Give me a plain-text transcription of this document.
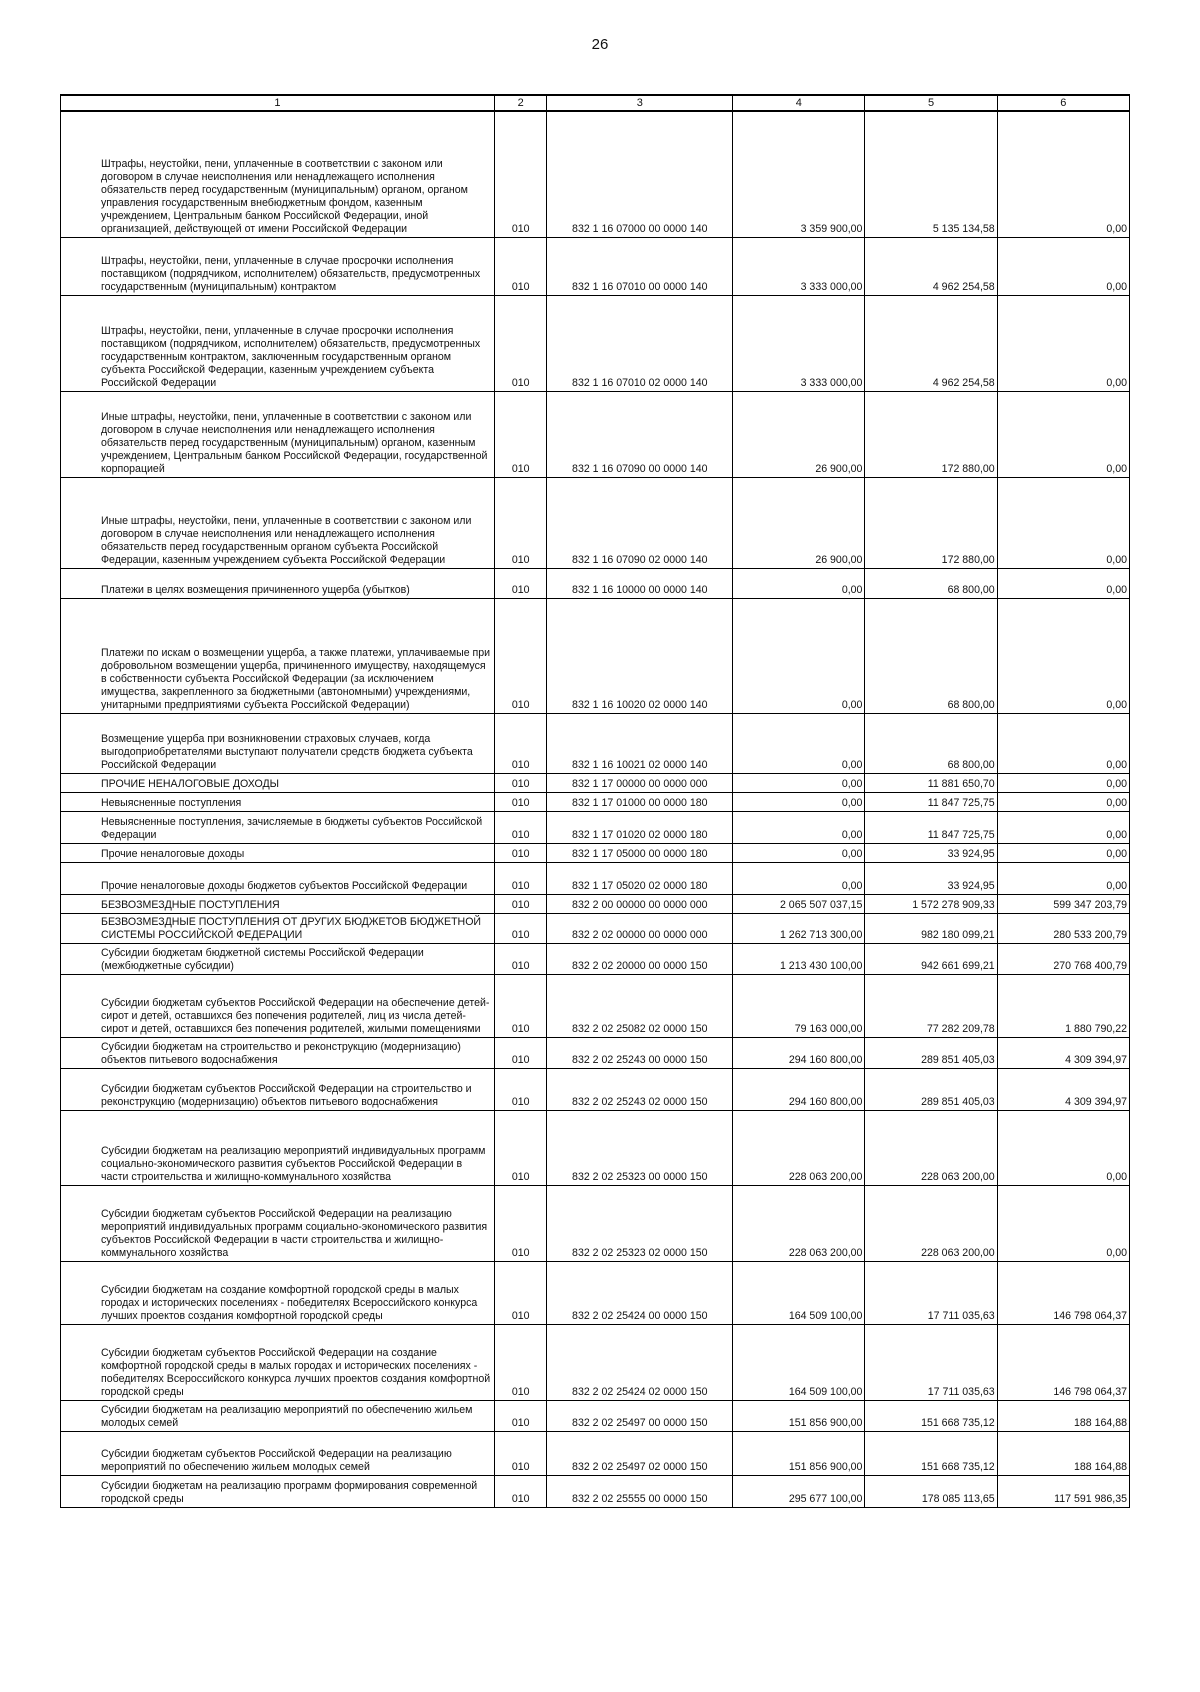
26
1	2	3	4	5	6
Штрафы, неустойки, пени, уплаченные в соответствии с законом или договором в случае неисполнения или ненадлежащего исполнения обязательств перед государственным (муниципальным) органом, органом управления государственным внебюджетным фондом, казенным учреждением, Центральным банком Российской Федерации, иной организацией, действующей от имени Российской Федерации	010	832 1 16 07000 00 0000 140	3 359 900,00	5 135 134,58	0,00
Штрафы, неустойки, пени, уплаченные в случае просрочки исполнения поставщиком (подрядчиком, исполнителем) обязательств, предусмотренных государственным (муниципальным) контрактом	010	832 1 16 07010 00 0000 140	3 333 000,00	4 962 254,58	0,00
Штрафы, неустойки, пени, уплаченные в случае просрочки исполнения поставщиком (подрядчиком, исполнителем) обязательств, предусмотренных государственным контрактом, заключенным государственным органом субъекта Российской Федерации, казенным учреждением субъекта Российской Федерации	010	832 1 16 07010 02 0000 140	3 333 000,00	4 962 254,58	0,00
Иные штрафы, неустойки, пени, уплаченные в соответствии с законом или договором в случае неисполнения или ненадлежащего исполнения обязательств перед государственным (муниципальным) органом, казенным учреждением, Центральным банком Российской Федерации, государственной корпорацией	010	832 1 16 07090 00 0000 140	26 900,00	172 880,00	0,00
Иные штрафы, неустойки, пени, уплаченные в соответствии с законом или договором в случае неисполнения или ненадлежащего исполнения обязательств перед государственным органом субъекта Российской Федерации, казенным учреждением субъекта Российской Федерации	010	832 1 16 07090 02 0000 140	26 900,00	172 880,00	0,00
Платежи в целях возмещения причиненного ущерба (убытков)	010	832 1 16 10000 00 0000 140	0,00	68 800,00	0,00
Платежи по искам о возмещении ущерба, а также платежи, уплачиваемые при добровольном возмещении ущерба, причиненного имуществу, находящемуся в собственности субъекта Российской Федерации (за исключением имущества, закрепленного за бюджетными (автономными) учреждениями, унитарными предприятиями субъекта Российской Федерации)	010	832 1 16 10020 02 0000 140	0,00	68 800,00	0,00
Возмещение ущерба при возникновении страховых случаев, когда выгодоприобретателями выступают получатели средств бюджета субъекта Российской Федерации	010	832 1 16 10021 02 0000 140	0,00	68 800,00	0,00
ПРОЧИЕ НЕНАЛОГОВЫЕ ДОХОДЫ	010	832 1 17 00000 00 0000 000	0,00	11 881 650,70	0,00
Невыясненные поступления	010	832 1 17 01000 00 0000 180	0,00	11 847 725,75	0,00
Невыясненные поступления, зачисляемые в бюджеты субъектов Российской Федерации	010	832 1 17 01020 02 0000 180	0,00	11 847 725,75	0,00
Прочие неналоговые доходы	010	832 1 17 05000 00 0000 180	0,00	33 924,95	0,00
Прочие неналоговые доходы бюджетов субъектов Российской Федерации	010	832 1 17 05020 02 0000 180	0,00	33 924,95	0,00
БЕЗВОЗМЕЗДНЫЕ ПОСТУПЛЕНИЯ	010	832 2 00 00000 00 0000 000	2 065 507 037,15	1 572 278 909,33	599 347 203,79
БЕЗВОЗМЕЗДНЫЕ ПОСТУПЛЕНИЯ ОТ ДРУГИХ БЮДЖЕТОВ БЮДЖЕТНОЙ СИСТЕМЫ РОССИЙСКОЙ ФЕДЕРАЦИИ	010	832 2 02 00000 00 0000 000	1 262 713 300,00	982 180 099,21	280 533 200,79
Субсидии бюджетам бюджетной системы Российской Федерации (межбюджетные субсидии)	010	832 2 02 20000 00 0000 150	1 213 430 100,00	942 661 699,21	270 768 400,79
Субсидии бюджетам субъектов Российской Федерации на обеспечение детей-сирот и детей, оставшихся без попечения родителей, лиц из числа детей-сирот и детей, оставшихся без попечения родителей, жилыми помещениями	010	832 2 02 25082 02 0000 150	79 163 000,00	77 282 209,78	1 880 790,22
Субсидии бюджетам на строительство и реконструкцию (модернизацию) объектов питьевого водоснабжения	010	832 2 02 25243 00 0000 150	294 160 800,00	289 851 405,03	4 309 394,97
Субсидии бюджетам субъектов Российской Федерации на строительство и реконструкцию (модернизацию) объектов питьевого водоснабжения	010	832 2 02 25243 02 0000 150	294 160 800,00	289 851 405,03	4 309 394,97
Субсидии бюджетам на реализацию мероприятий индивидуальных программ социально-экономического развития субъектов Российской Федерации в части строительства и жилищно-коммунального хозяйства	010	832 2 02 25323 00 0000 150	228 063 200,00	228 063 200,00	0,00
Субсидии бюджетам субъектов Российской Федерации на реализацию мероприятий индивидуальных программ социально-экономического развития субъектов Российской Федерации в части строительства и жилищно-коммунального хозяйства	010	832 2 02 25323 02 0000 150	228 063 200,00	228 063 200,00	0,00
Субсидии бюджетам на создание комфортной городской среды в малых городах и исторических поселениях - победителях Всероссийского конкурса лучших проектов создания комфортной городской среды	010	832 2 02 25424 00 0000 150	164 509 100,00	17 711 035,63	146 798 064,37
Субсидии бюджетам субъектов Российской Федерации на создание комфортной городской среды в малых городах и исторических поселениях - победителях Всероссийского конкурса лучших проектов создания комфортной городской среды	010	832 2 02 25424 02 0000 150	164 509 100,00	17 711 035,63	146 798 064,37
Субсидии бюджетам на реализацию мероприятий по обеспечению жильем молодых семей	010	832 2 02 25497 00 0000 150	151 856 900,00	151 668 735,12	188 164,88
Субсидии бюджетам субъектов Российской Федерации на реализацию мероприятий по обеспечению жильем молодых семей	010	832 2 02 25497 02 0000 150	151 856 900,00	151 668 735,12	188 164,88
Субсидии бюджетам на реализацию программ формирования современной городской среды	010	832 2 02 25555 00 0000 150	295 677 100,00	178 085 113,65	117 591 986,35
